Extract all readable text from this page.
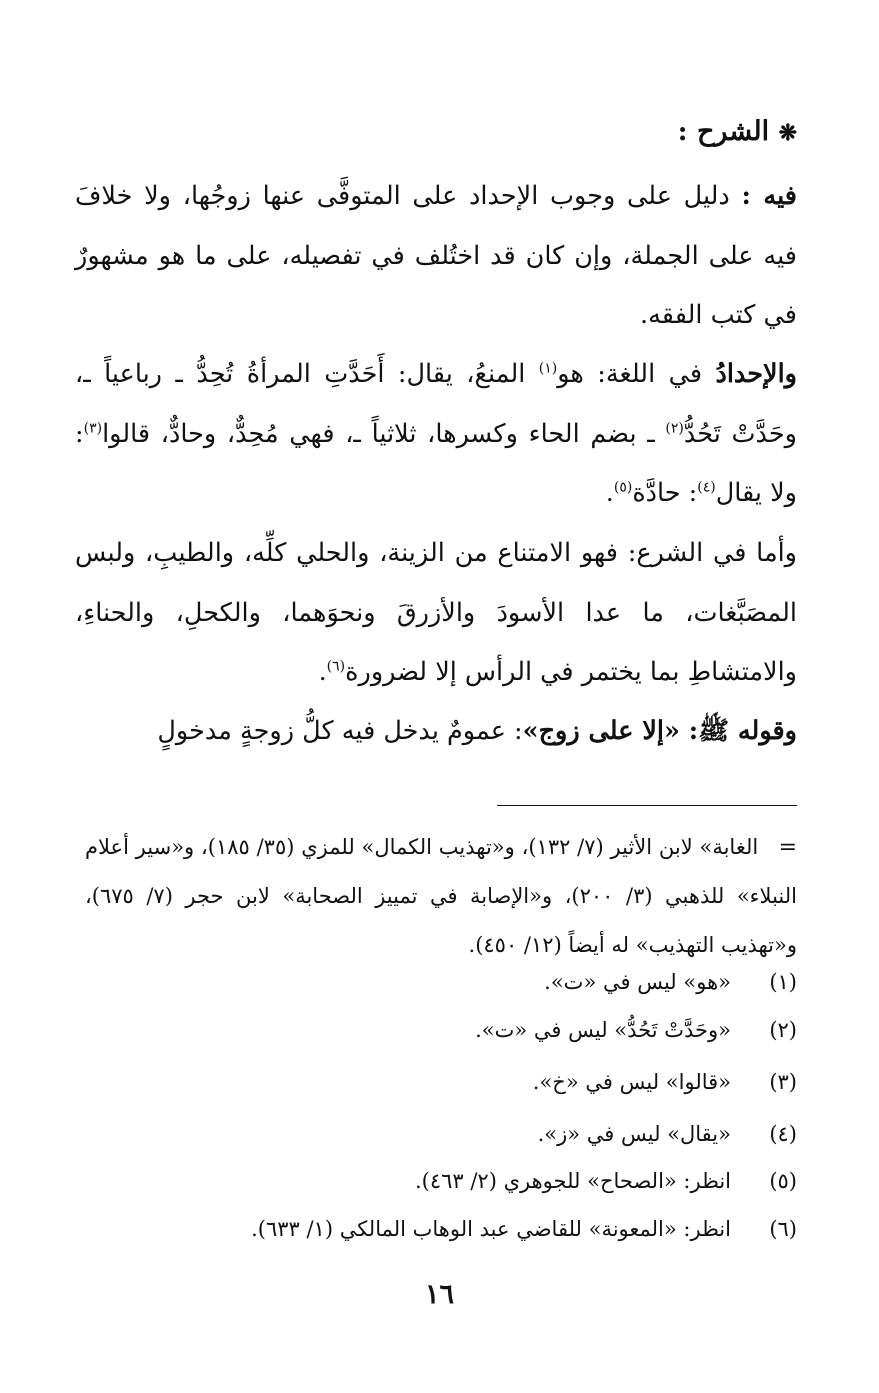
❋ الشرح :
فيه : دليل على وجوب الإحداد على المتوفَّى عنها زوجُها، ولا خلافَ فيه على الجملة، وإن كان قد اختُلف في تفصيله، على ما هو مشهورٌ في كتب الفقه.
والإحدادُ في اللغة: هو$^{(١)}$ المنعُ، يقال: أَحَدَّتِ المرأةُ تُحِدُّ ـ رباعياً ـ، وحَدَّتْ تَحُدُّ$^{(٢)}$ ـ بضم الحاء وكسرها، ثلاثياً ـ، فهي مُحِدٌّ، وحادٌّ، قالوا$^{(٣)}$: ولا يقال$^{(٤)}$: حادَّة$^{(٥)}$.
وأما في الشرع: فهو الامتناع من الزينة، والحلي كلِّه، والطيبِ، ولبس المصَبَّغات، ما عدا الأسودَ والأزرقَ ونحوَهما، والكحلِ، والحناءِ، والامتشاطِ بما يختمر في الرأس إلا لضرورة$^{(٦)}$.
وقوله ﷺ: «إلا على زوج»: عمومٌ يدخل فيه كلُّ زوجةٍ مدخولٍ
=   الغابة» لابن الأثير (٧/ ١٣٢)، و«تهذيب الكمال» للمزي (٣٥/ ١٨٥)، و«سير أعلام النبلاء» للذهبي (٣/ ٢٠٠)، و«الإصابة في تمييز الصحابة» لابن حجر (٧/ ٦٧٥)، و«تهذيب التهذيب» له أيضاً (١٢/ ٤٥٠).
(١)«هو» ليس في «ت».
(٢)«وحَدَّتْ تَحُدُّ» ليس في «ت».
(٣)«قالوا» ليس في «خ».
(٤)«يقال» ليس في «ز».
(٥)انظر: «الصحاح» للجوهري (٢/ ٤٦٣).
(٦)انظر: «المعونة» للقاضي عبد الوهاب المالكي (١/ ٦٣٣).
١٦
